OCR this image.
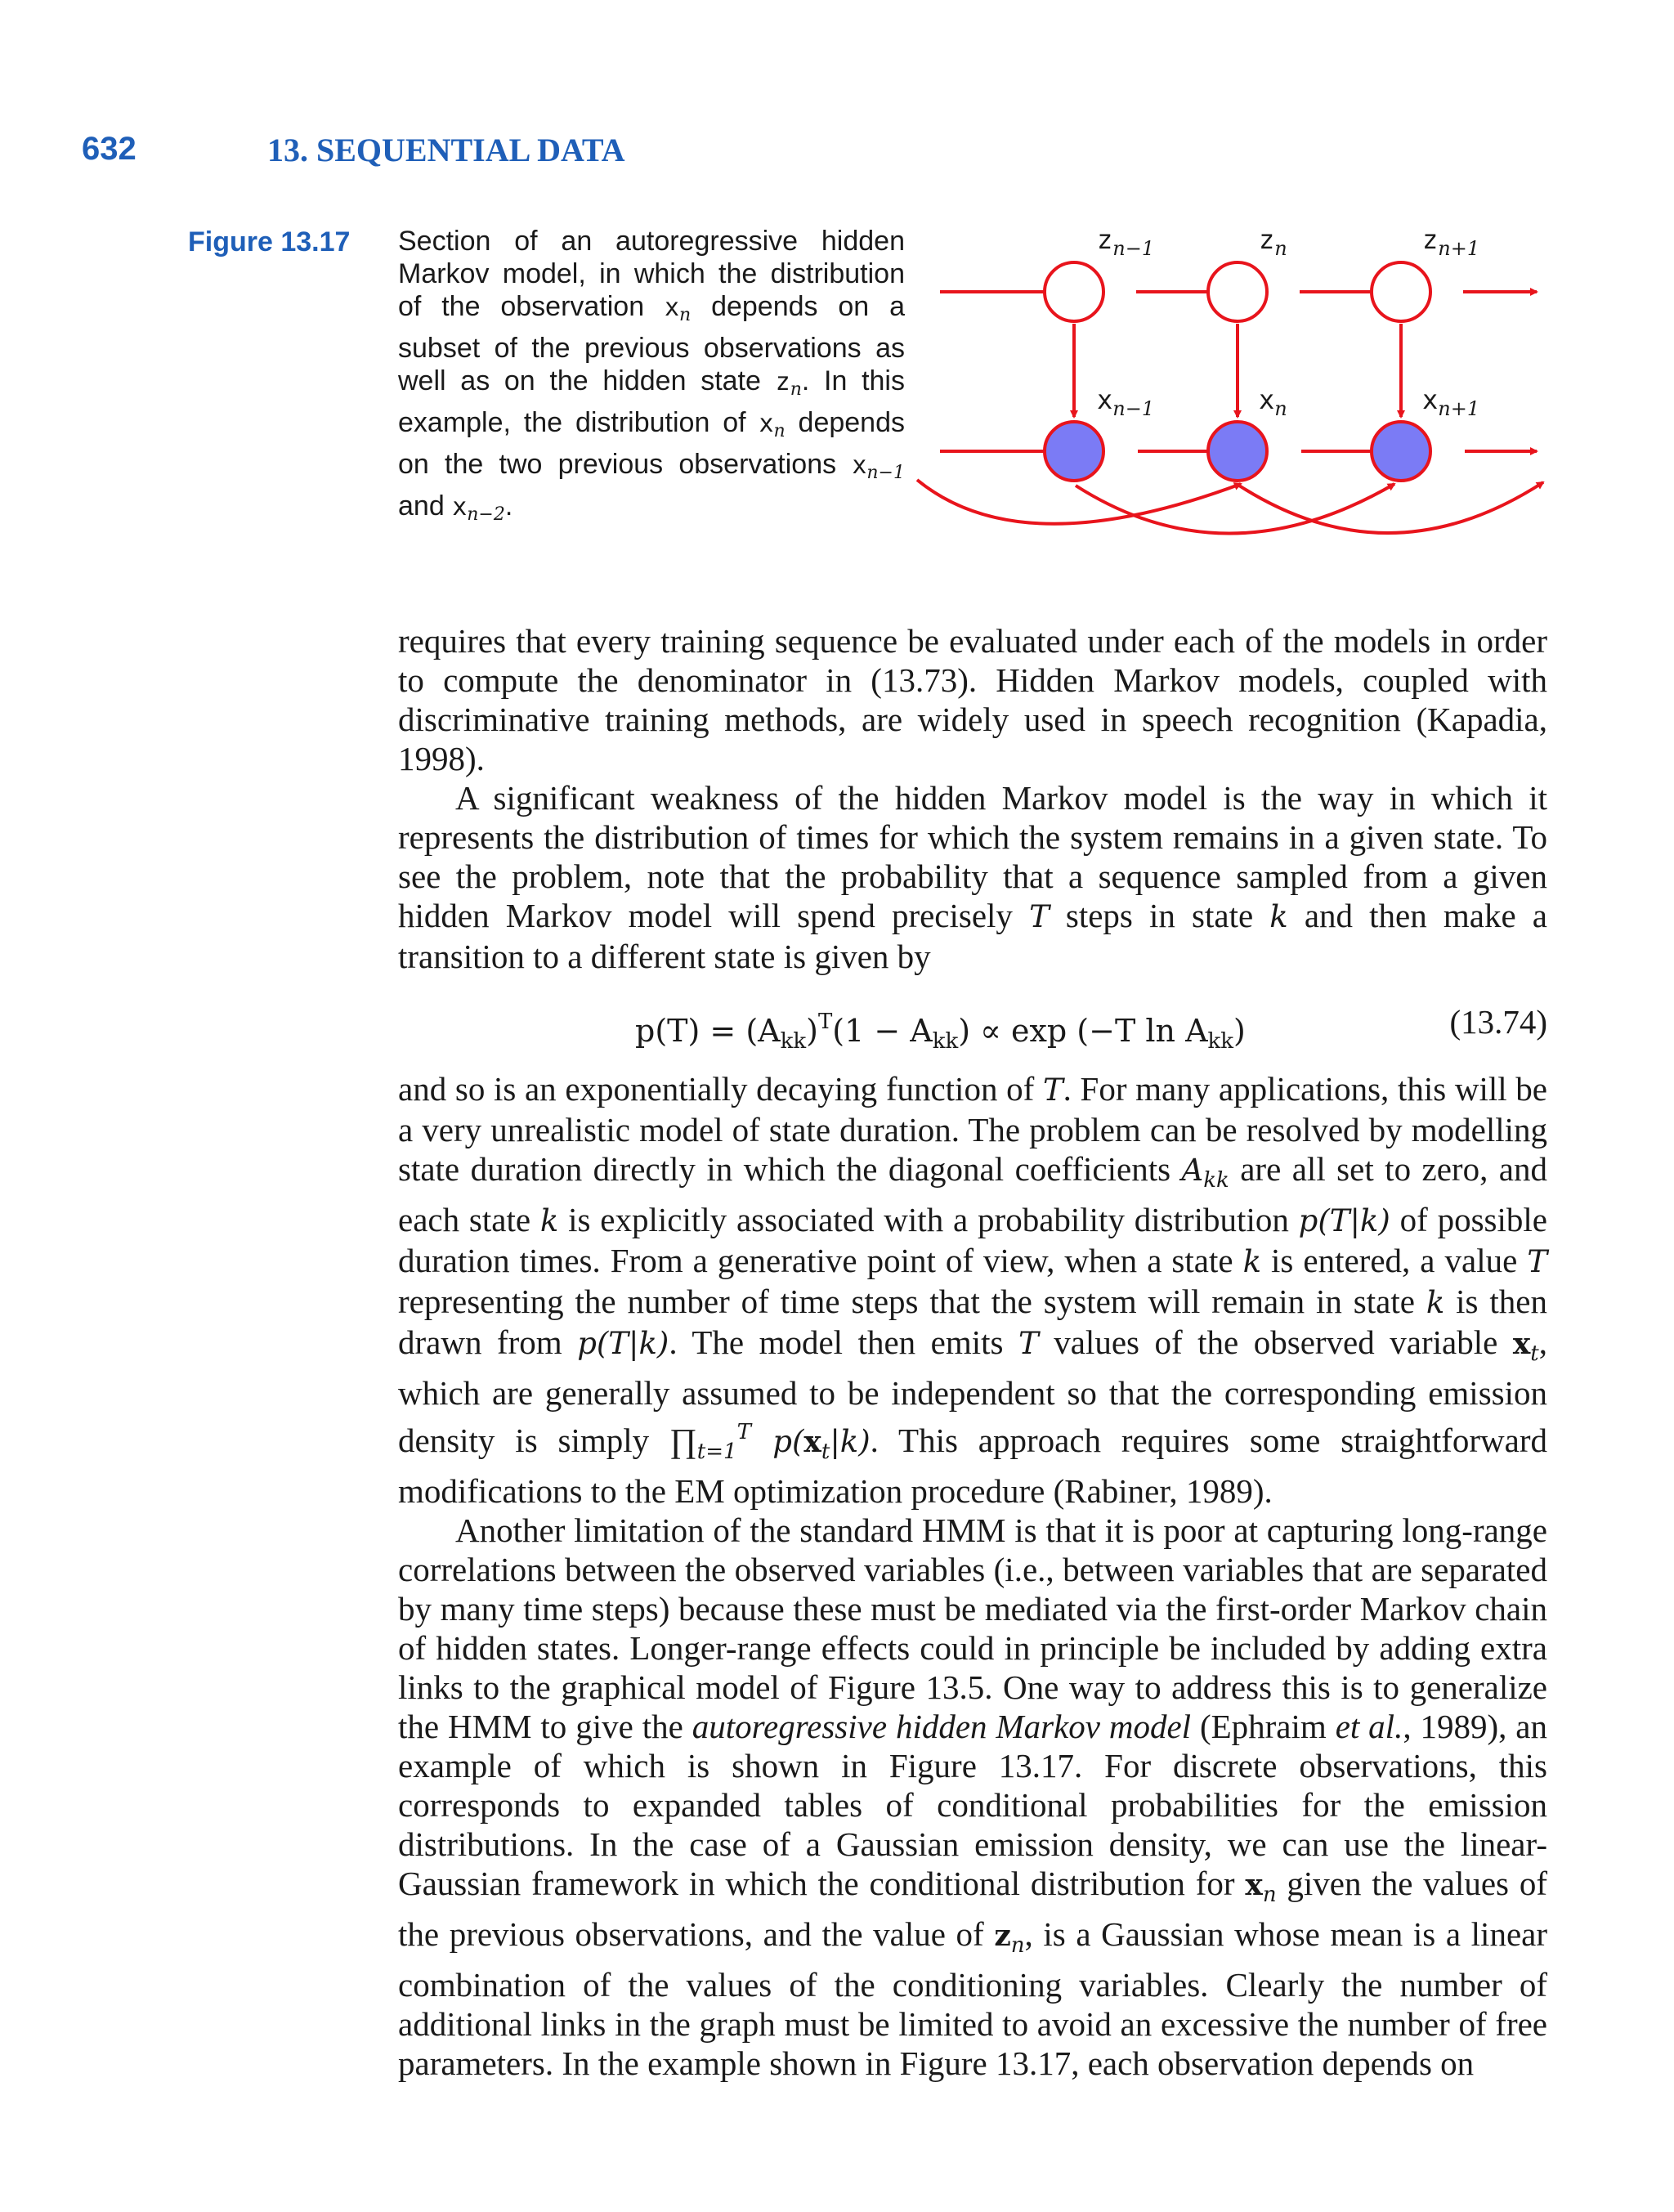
632	13. SEQUENTIAL DATA
Figure 13.17 Section of an autoregressive hidden Markov model, in which the distribution of the observation $x_n$ depends on a subset of the previous observations as well as on the hidden state $z_n$. In this example, the distribution of $x_n$ depends on the two previous observations $x_{n-1}$ and $x_{n-2}$.
$z_{n-1}$	$z_n$	$z_{n+1}$
$x_{n-1}$	$x_n$	$x_{n+1}$

requires that every training sequence be evaluated under each of the models in order to compute the denominator in (13.73). Hidden Markov models, coupled with discriminative training methods, are widely used in speech recognition (Kapadia, 1998).

A significant weakness of the hidden Markov model is the way in which it represents the distribution of times for which the system remains in a given state. To see the problem, note that the probability that a sequence sampled from a given hidden Markov model will spend precisely T steps in state k and then make a transition to a different state is given by

$p(T) = (A_{kk})^T(1 - A_{kk}) \propto \exp (-T$ $\ln A_{kk}$)	(13.74)

and so is an exponentially decaying function of T. For many applications, this will be a very unrealistic model of state duration. The problem can be resolved by modelling state duration directly in which the diagonal coefficients Akk are all set to zero, and each state k is explicitly associated with a probability distribution p(T|k) of possible duration times. From a generative point of view, when a state k is entered, a value T representing the number of time steps that the system will remain in state k is then drawn from p(T|k). The model then emits T values of the observed variable xt, which are generally assumed to be independent so that the corresponding emission density is simply $\prod t=1^T$ p(xt|k). This approach requires some straightforward modifications to the EM optimization procedure (Rabiner, 1989).

Another limitation of the standard HMM is that it is poor at capturing long-range correlations between the observed variables (i.e., between variables that are separated by many time steps) because these must be mediated via the first-order Markov chain of hidden states. Longer-range effects could in principle be included by adding extra links to the graphical model of Figure 13.5. One way to address this is to generalize the HMM to give the autoregressive hidden Markov model (Ephraim et al., 1989), an example of which is shown in Figure 13.17. For discrete observations, this corresponds to expanded tables of conditional probabilities for the emission distributions. In the case of a Gaussian emission density, we can use the linear-Gaussian framework in which the conditional distribution for xn given the values of the previous observations, and the value of zn, is a Gaussian whose mean is a linear combination of the values of the conditioning variables. Clearly the number of additional links in the graph must be limited to avoid an excessive the number of free parameters. In the example shown in Figure 13.17, each observation depends on
